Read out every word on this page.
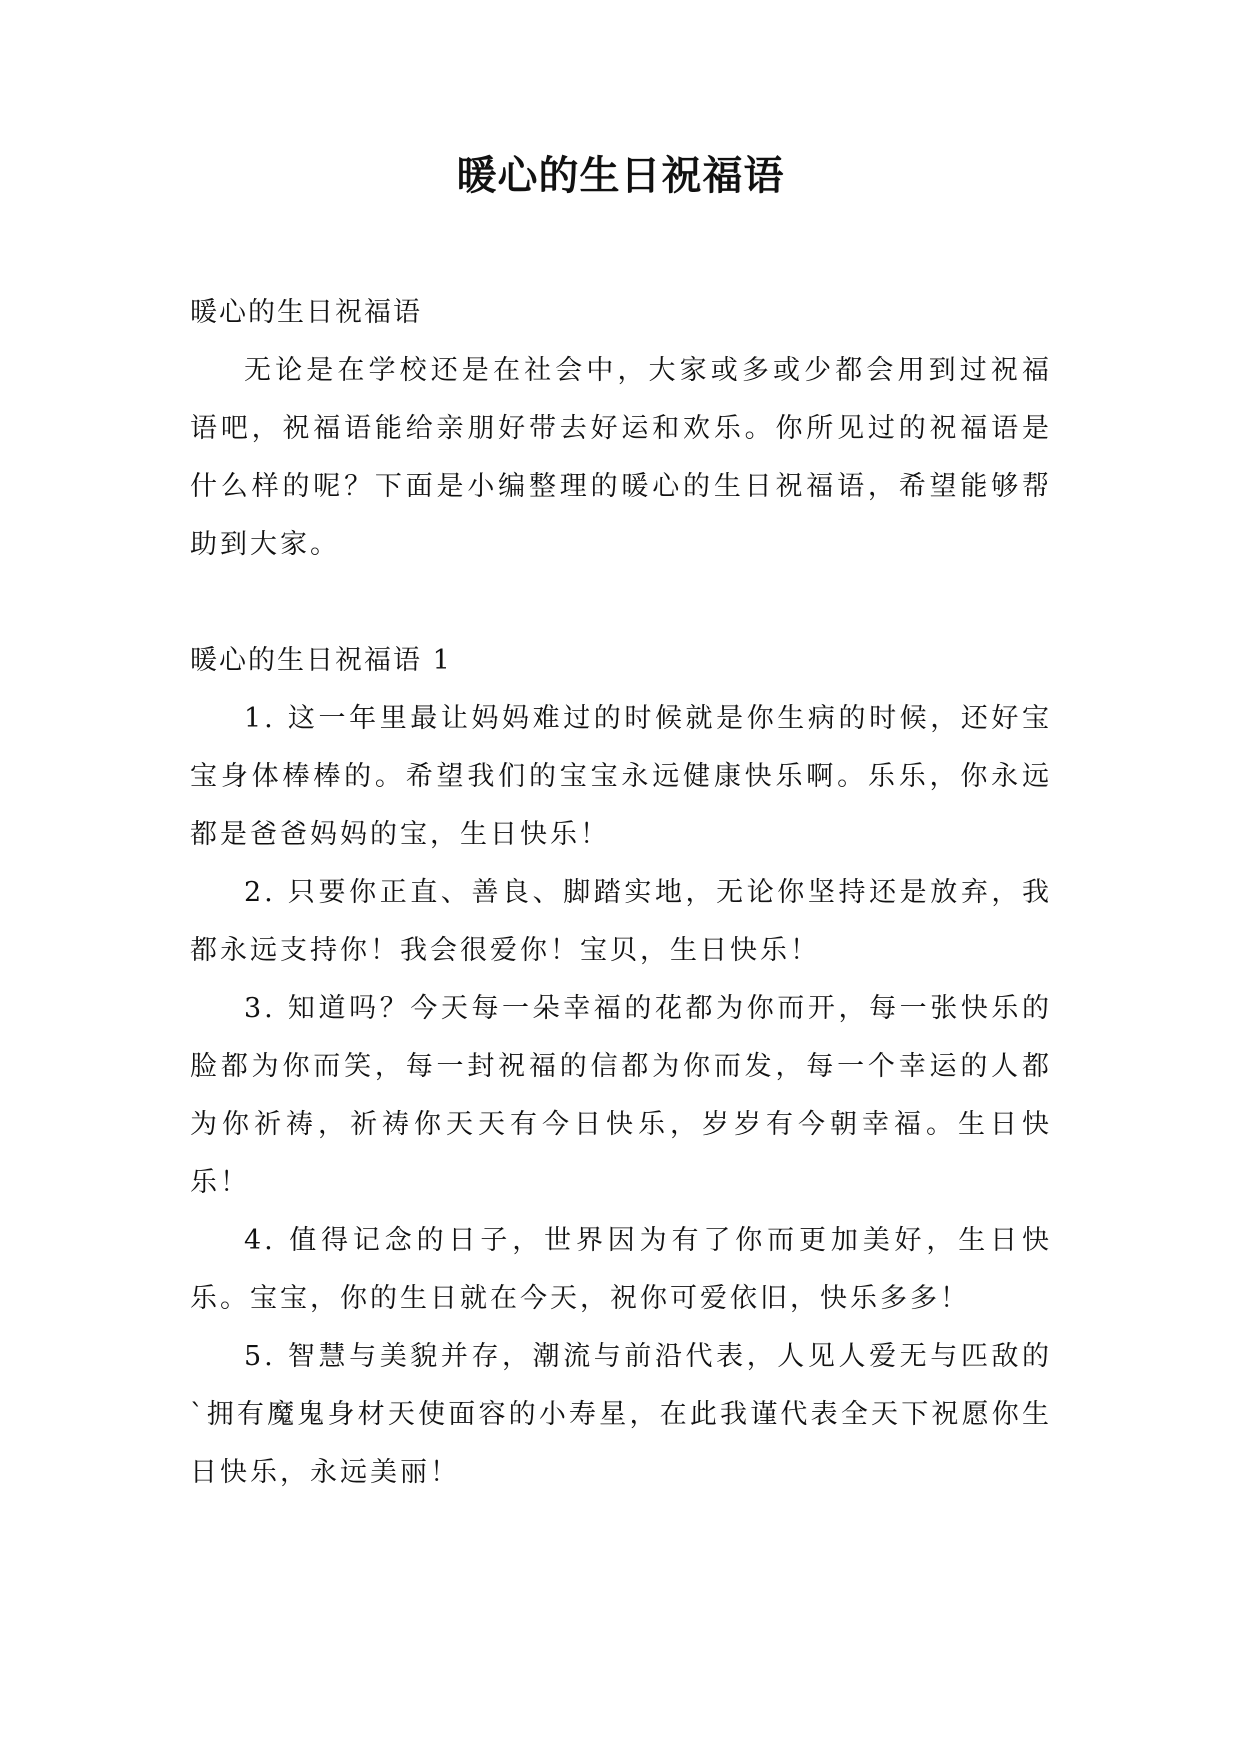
暖心的生日祝福语

暖心的生日祝福语

无论是在学校还是在社会中，大家或多或少都会用到过祝福语吧，祝福语能给亲朋好带去好运和欢乐。你所见过的祝福语是什么样的呢？下面是小编整理的暖心的生日祝福语，希望能够帮助到大家。

暖心的生日祝福语 1

1. 这一年里最让妈妈难过的时候就是你生病的时候，还好宝宝身体棒棒的。希望我们的宝宝永远健康快乐啊。乐乐，你永远都是爸爸妈妈的宝，生日快乐！

2. 只要你正直、善良、脚踏实地，无论你坚持还是放弃，我都永远支持你！我会很爱你！宝贝，生日快乐！

3. 知道吗？今天每一朵幸福的花都为你而开，每一张快乐的脸都为你而笑，每一封祝福的信都为你而发，每一个幸运的人都为你祈祷，祈祷你天天有今日快乐，岁岁有今朝幸福。生日快乐！

4. 值得记念的日子，世界因为有了你而更加美好，生日快乐。宝宝，你的生日就在今天，祝你可爱依旧，快乐多多！

5. 智慧与美貌并存，潮流与前沿代表，人见人爱无与匹敌的`拥有魔鬼身材天使面容的小寿星，在此我谨代表全天下祝愿你生日快乐，永远美丽！
